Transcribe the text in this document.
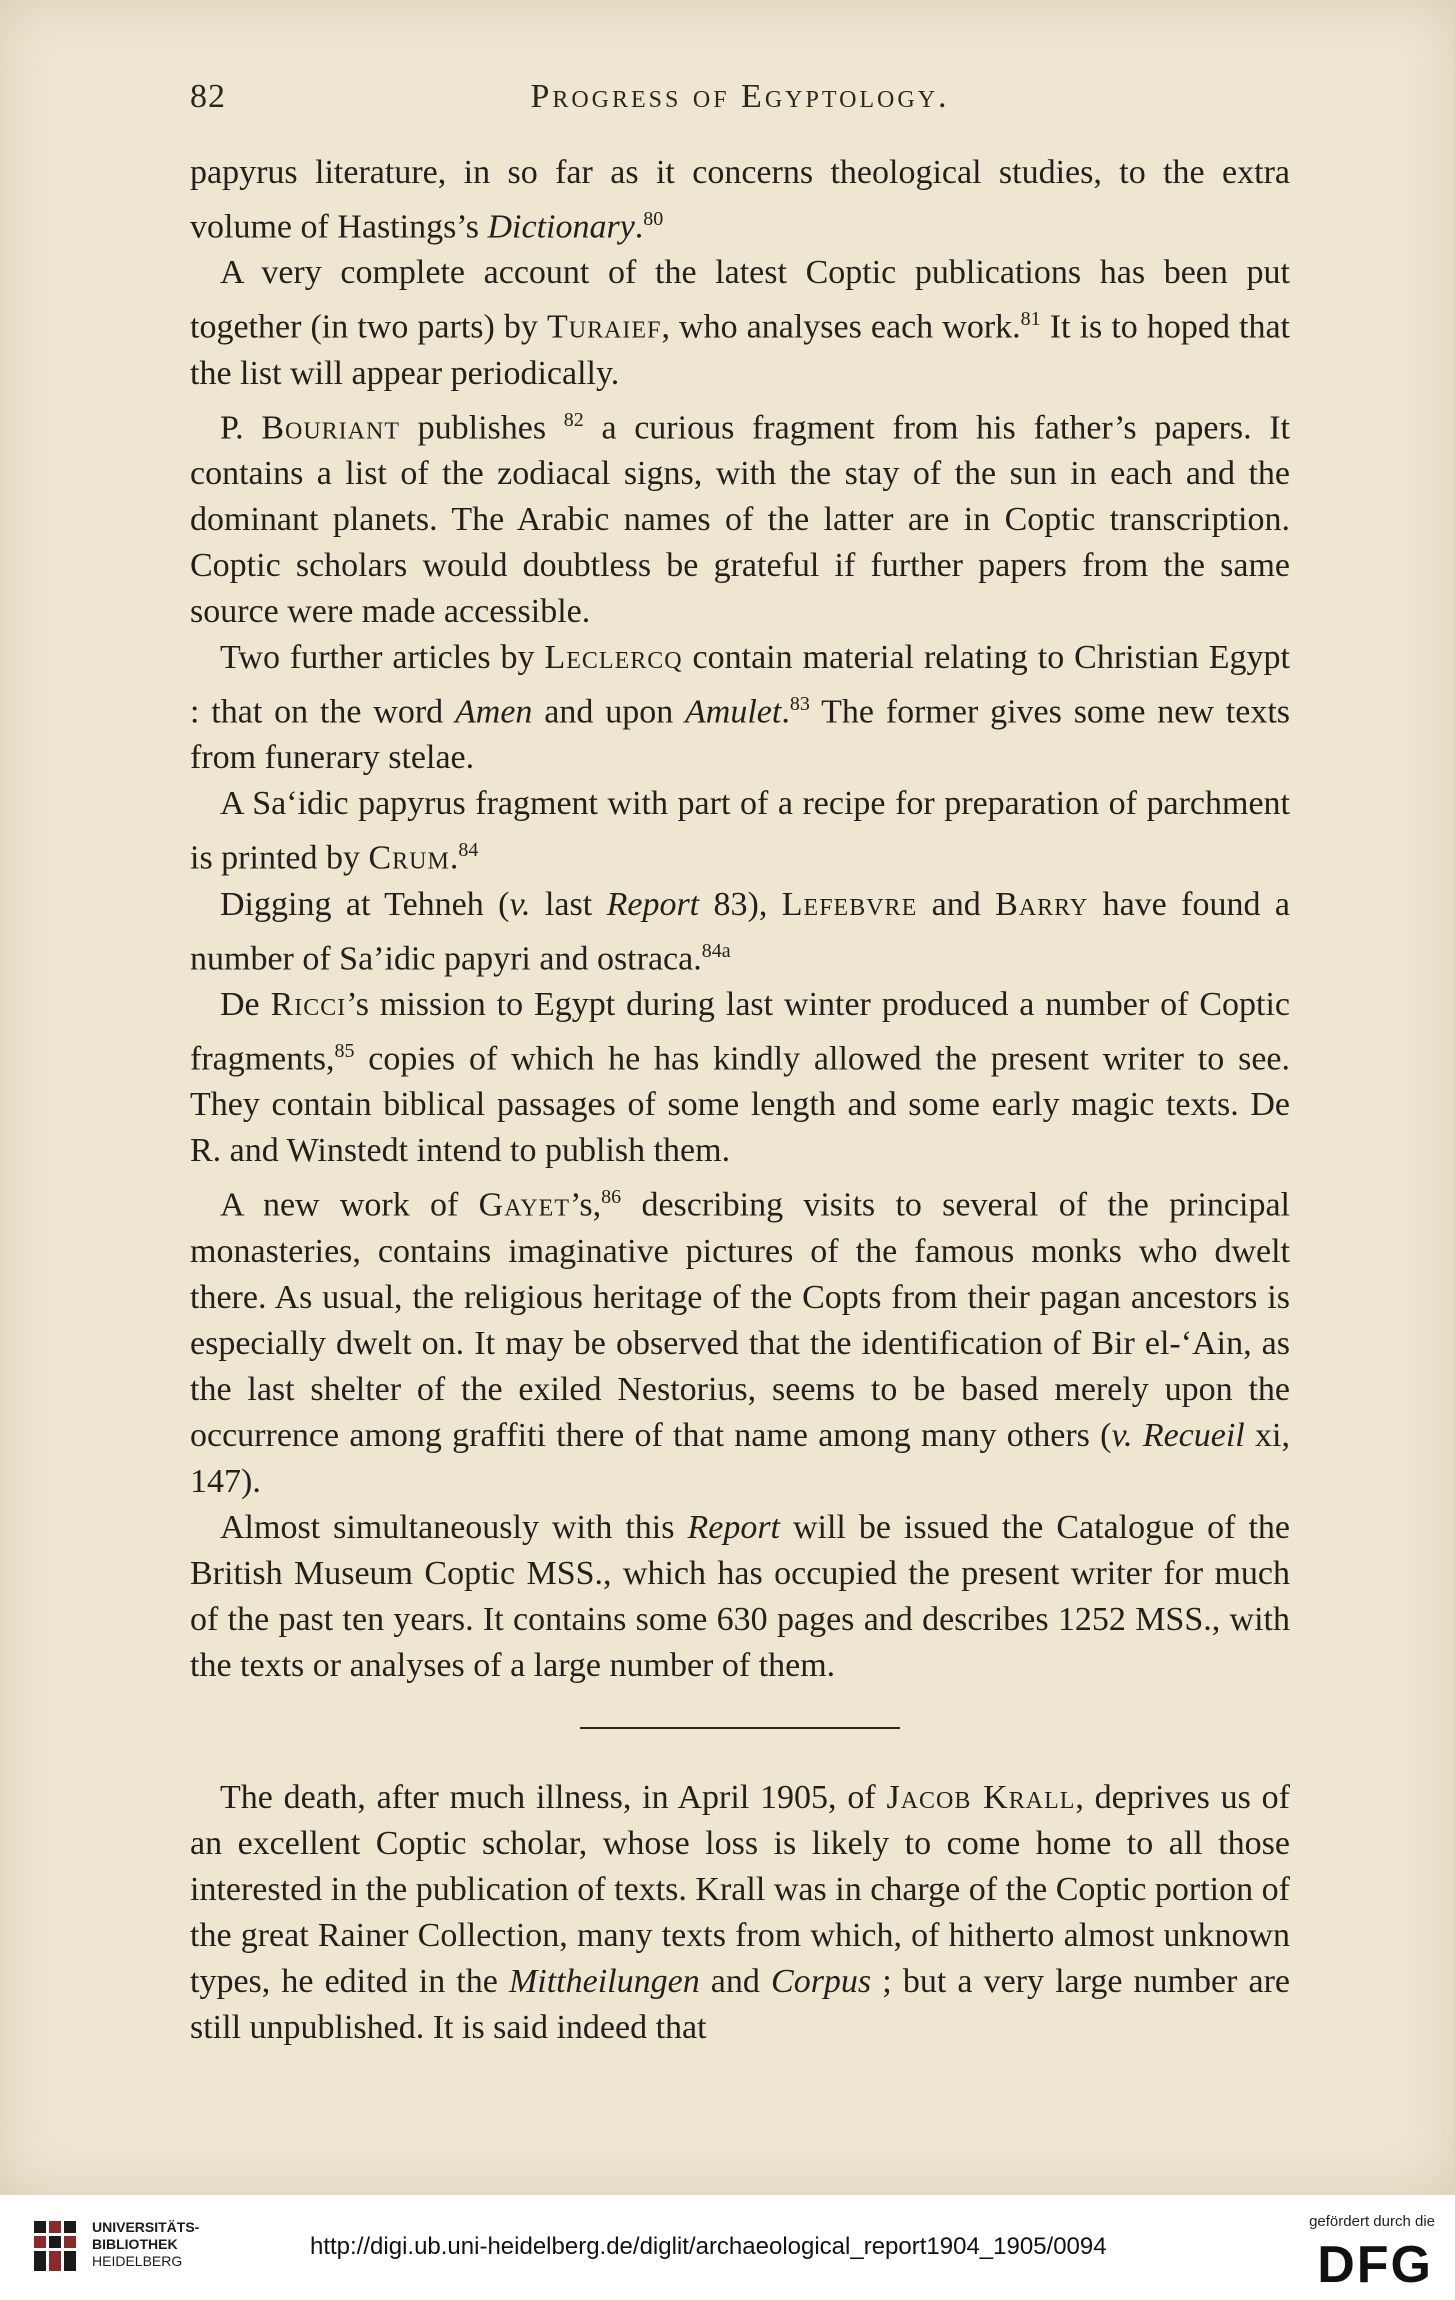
82	Progress of Egyptology.

papyrus literature, in so far as it concerns theological studies, to the extra volume of Hastings’s Dictionary.$^{80}$

A very complete account of the latest Coptic publications has been put together (in two parts) by Turaief, who analyses each work.$^{81}$ It is to hoped that the list will appear periodically.

P. Bouriant publishes $^{82}$ a curious fragment from his father’s papers. It contains a list of the zodiacal signs, with the stay of the sun in each and the dominant planets. The Arabic names of the latter are in Coptic transcription. Coptic scholars would doubtless be grateful if further papers from the same source were made accessible.

Two further articles by Leclercq contain material relating to Christian Egypt : that on the word Amen and upon Amulet.$^{83}$ The former gives some new texts from funerary stelae.

A Sa‘idic papyrus fragment with part of a recipe for preparation of parchment is printed by Crum.$^{84}$

Digging at Tehneh (v. last Report 83), Lefebvre and Barry have found a number of Sa’idic papyri and ostraca.$^{84a}$

De Ricci’s mission to Egypt during last winter produced a number of Coptic fragments,$^{85}$ copies of which he has kindly allowed the present writer to see. They contain biblical passages of some length and some early magic texts. De R. and Winstedt intend to publish them.

A new work of Gayet’s,$^{86}$ describing visits to several of the principal monasteries, contains imaginative pictures of the famous monks who dwelt there. As usual, the religious heritage of the Copts from their pagan ancestors is especially dwelt on. It may be observed that the identification of Bir el-‘Ain, as the last shelter of the exiled Nestorius, seems to be based merely upon the occurrence among graffiti there of that name among many others (v. Recueil xi, 147).

Almost simultaneously with this Report will be issued the Catalogue of the British Museum Coptic MSS., which has occupied the present writer for much of the past ten years. It contains some 630 pages and describes 1252 MSS., with the texts or analyses of a large number of them.

The death, after much illness, in April 1905, of Jacob Krall, deprives us of an excellent Coptic scholar, whose loss is likely to come home to all those interested in the publication of texts. Krall was in charge of the Coptic portion of the great Rainer Collection, many texts from which, of hitherto almost unknown types, he edited in the Mittheilungen and Corpus ; but a very large number are still unpublished. It is said indeed that

UNIVERSITÄTS-
BIBLIOTHEK
HEIDELBERG
http://digi.ub.uni-heidelberg.de/diglit/archaeological_report1904_1905/0094
gefördert durch die
DFG
